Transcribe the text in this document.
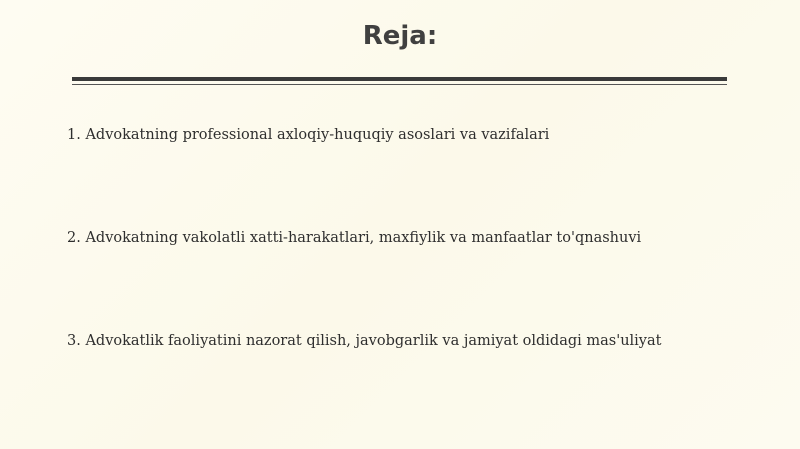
Reja:
1. Advokatning professional axloqiy-huquqiy asoslari va vazifalari
2. Advokatning vakolatli xatti-harakatlari, maxfiylik va manfaatlar to'qnashuvi
3. Advokatlik faoliyatini nazorat qilish, javobgarlik va jamiyat oldidagi mas'uliyat
